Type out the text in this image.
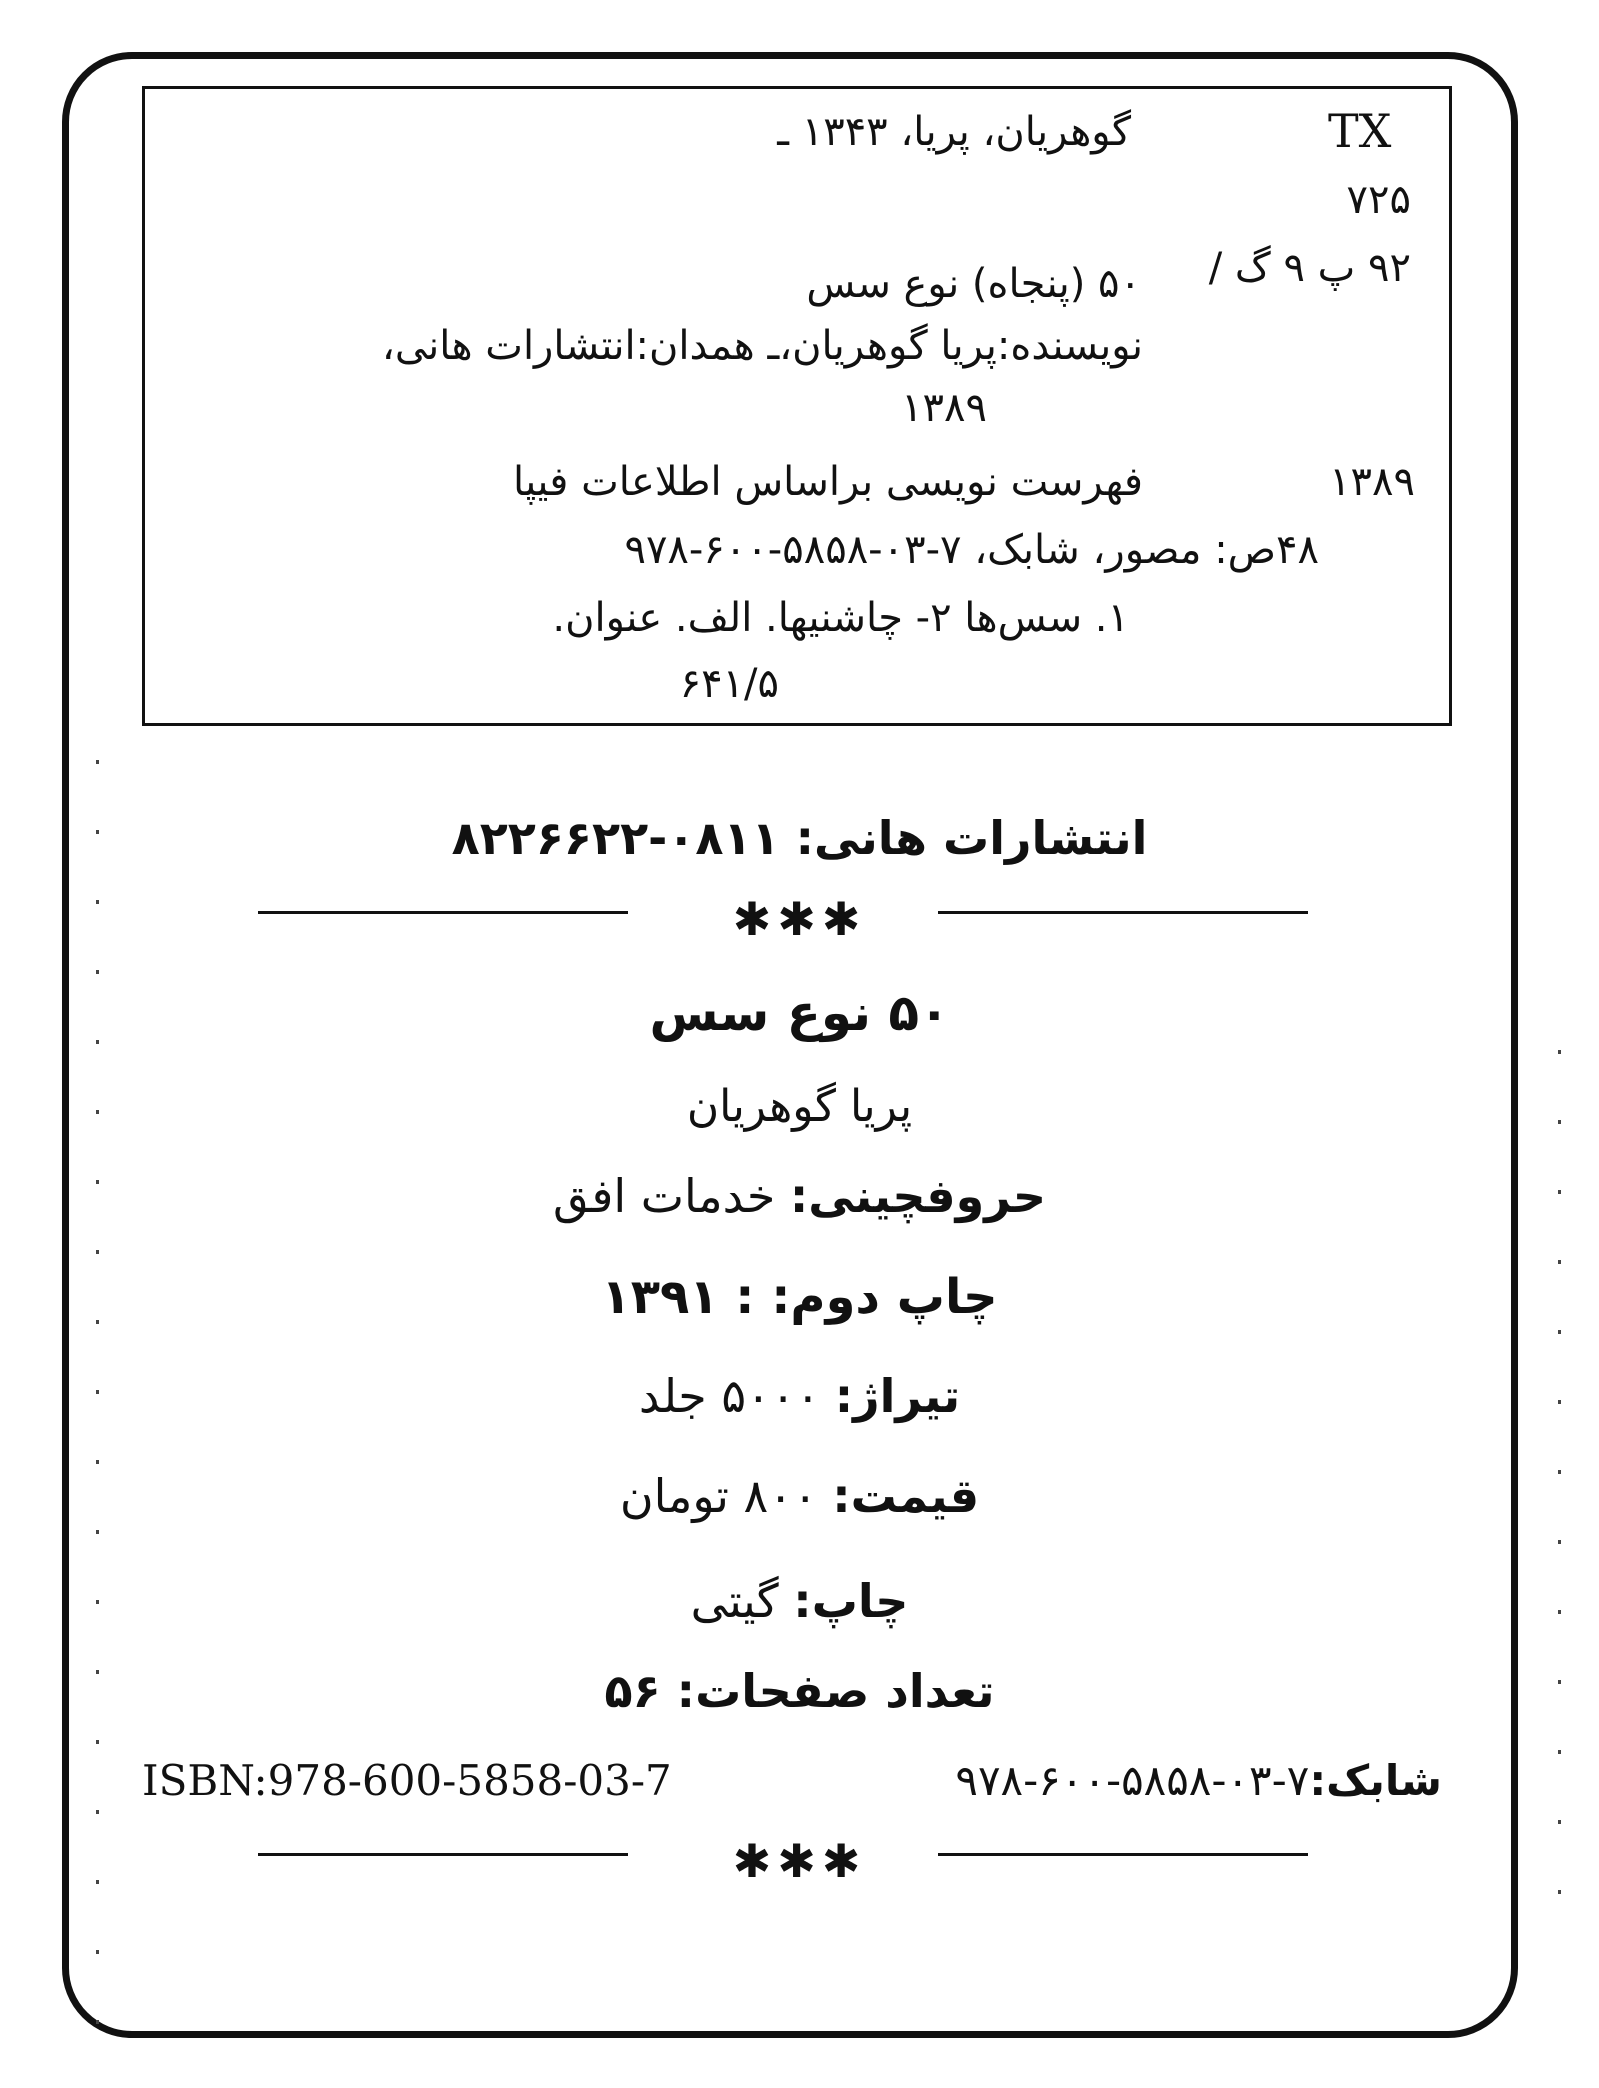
TX
گوهریان، پریا، ۱۳۴۳ ـ
۷۲۵
۹۲ پ ۹ گ /
۵۰ (پنجاه) نوع سس
نویسنده:پریا گوهریان،ـ همدان:انتشارات هانی،
۱۳۸۹
۱۳۸۹
فهرست نویسی براساس اطلاعات فیپا
۴۸ص: مصور، شابک، ۷-۰۳-۵۸۵۸-۶۰۰-۹۷۸
۱. سس‌ها ۲- چاشنیها. الف. عنوان.
۶۴۱/۵
انتشارات هانی: ۰۸۱۱-۸۲۲۶۶۲۲
✱✱✱
۵۰ نوع سس
پریا گوهریان
حروفچینی: خدمات افق
چاپ دوم: : ۱۳۹۱
تیراژ: ۵۰۰۰ جلد
قیمت: ۸۰۰ تومان
چاپ: گیتی
تعداد صفحات: ۵۶
ISBN:978-600-5858-03-7	شابک:۷-۰۳-۵۸۵۸-۶۰۰-۹۷۸
✱✱✱
